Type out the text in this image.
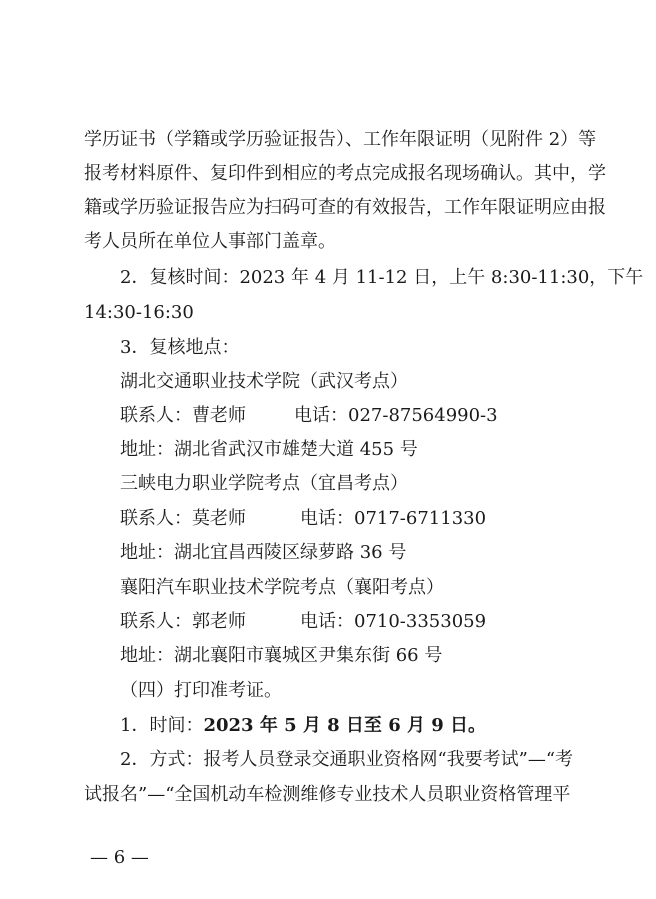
学历证书（学籍或学历验证报告）、工作年限证明（见附件 2）等
报考材料原件、复印件到相应的考点完成报名现场确认。其中，学
籍或学历验证报告应为扫码可查的有效报告，工作年限证明应由报
考人员所在单位人事部门盖章。
2．复核时间：2023 年 4 月 11-12 日，上午 8:30-11:30，下午
14:30-16:30
3．复核地点：
湖北交通职业技术学院（武汉考点）
联系人：曹老师	电话：027-87564990-3
地址：湖北省武汉市雄楚大道 455 号
三峡电力职业学院考点（宜昌考点）
联系人：莫老师	电话：0717-6711330
地址：湖北宜昌西陵区绿萝路 36 号
襄阳汽车职业技术学院考点（襄阳考点）
联系人：郭老师	电话：0710-3353059
地址：湖北襄阳市襄城区尹集东街 66 号
（四）打印准考证。
1．时间：2023 年 5 月 8 日至 6 月 9 日。
2．方式：报考人员登录交通职业资格网“我要考试”—“考
试报名”—“全国机动车检测维修专业技术人员职业资格管理平
— 6 —
